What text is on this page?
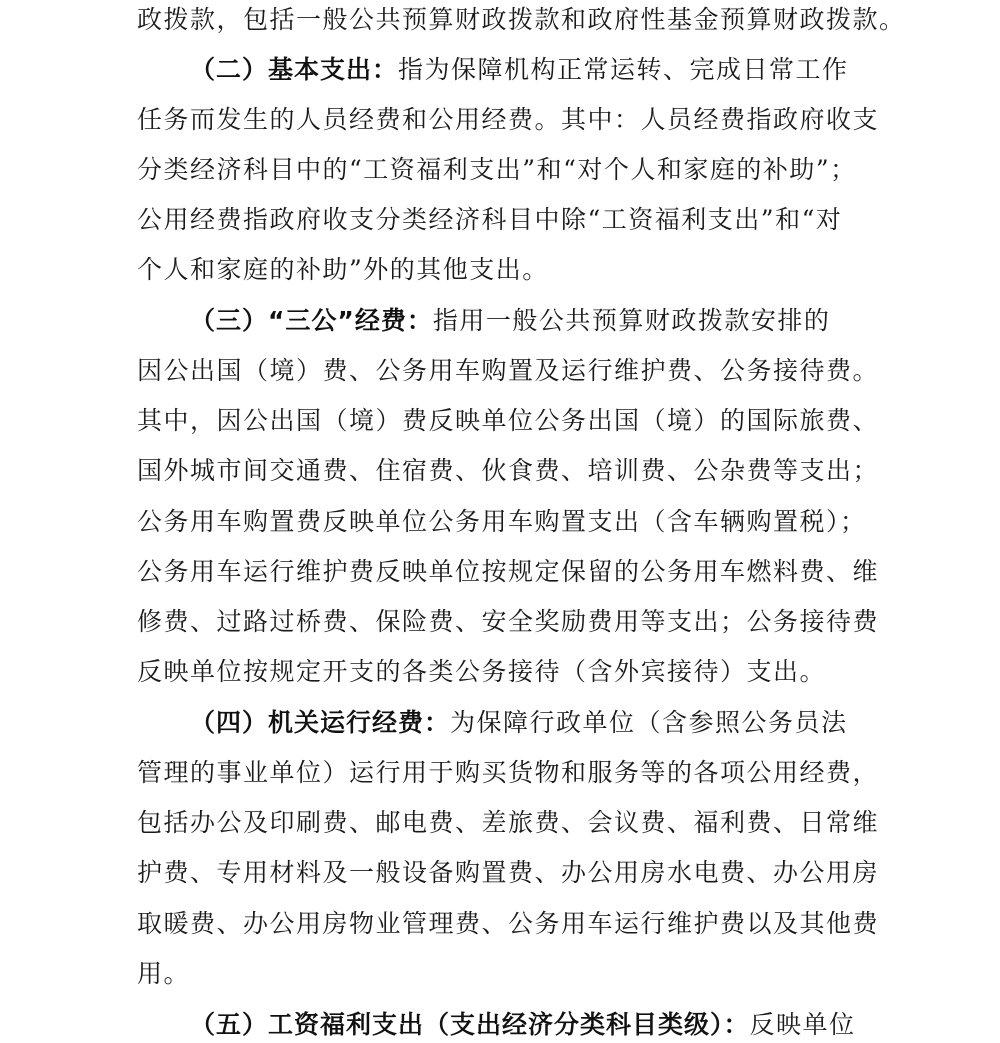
政拨款，包括一般公共预算财政拨款和政府性基金预算财政拨款。

（二）基本支出：指为保障机构正常运转、完成日常工作

任务而发生的人员经费和公用经费。其中：人员经费指政府收支

分类经济科目中的“工资福利支出”和“对个人和家庭的补助”；

公用经费指政府收支分类经济科目中除“工资福利支出”和“对

个人和家庭的补助”外的其他支出。

（三）“三公”经费：指用一般公共预算财政拨款安排的

因公出国（境）费、公务用车购置及运行维护费、公务接待费。

其中，因公出国（境）费反映单位公务出国（境）的国际旅费、

国外城市间交通费、住宿费、伙食费、培训费、公杂费等支出；

公务用车购置费反映单位公务用车购置支出（含车辆购置税）；

公务用车运行维护费反映单位按规定保留的公务用车燃料费、维

修费、过路过桥费、保险费、安全奖励费用等支出；公务接待费

反映单位按规定开支的各类公务接待（含外宾接待）支出。

（四）机关运行经费：为保障行政单位（含参照公务员法

管理的事业单位）运行用于购买货物和服务等的各项公用经费，

包括办公及印刷费、邮电费、差旅费、会议费、福利费、日常维

护费、专用材料及一般设备购置费、办公用房水电费、办公用房

取暖费、办公用房物业管理费、公务用车运行维护费以及其他费

用。

（五）工资福利支出（支出经济分类科目类级）：反映单位
